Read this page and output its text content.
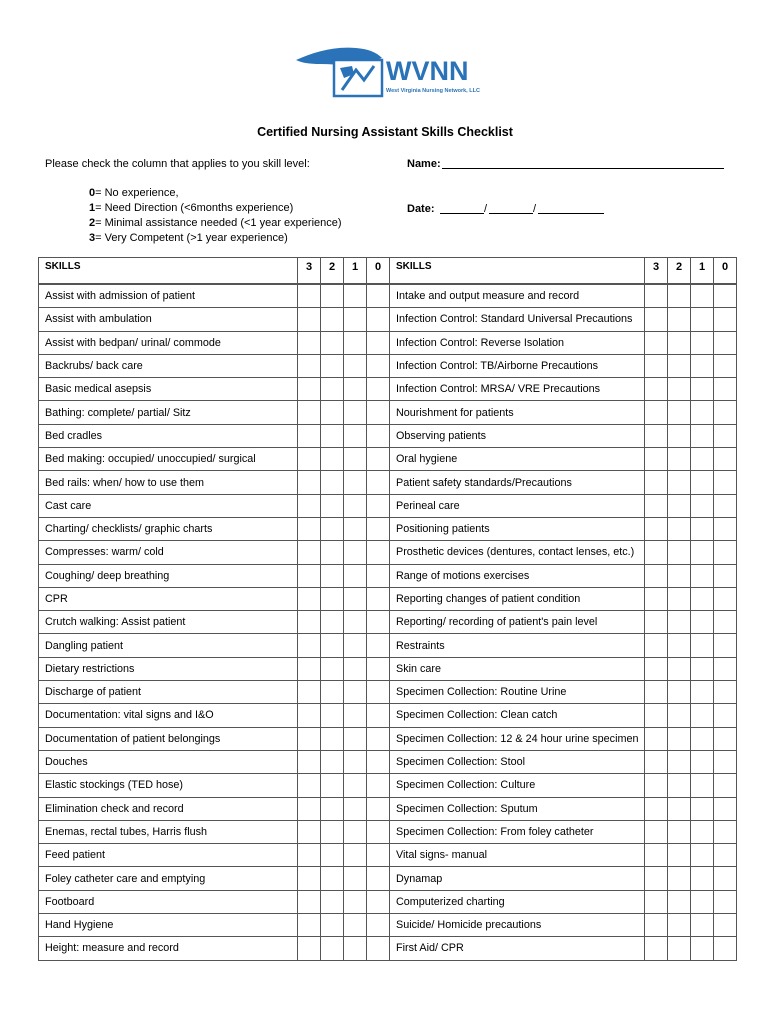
WVNN
West Virginia Nursing Network, LLC
Certified Nursing Assistant Skills Checklist
Please check the column that applies to you skill level:	Name:
Date:	/	/
0= No experience,
1= Need Direction (<6months experience)
2= Minimal assistance needed (<1 year experience)
3= Very Competent (>1 year experience)
SKILLS	3	2	1	0	SKILLS	3	2	1	0
Assist with admission of patient					Intake and output measure and record				
Assist with ambulation					Infection Control: Standard Universal Precautions				
Assist with bedpan/ urinal/ commode					Infection Control: Reverse Isolation				
Backrubs/ back care					Infection Control: TB/Airborne Precautions				
Basic medical asepsis					Infection Control: MRSA/ VRE Precautions				
Bathing: complete/ partial/ Sitz					Nourishment for patients				
Bed cradles					Observing patients				
Bed making: occupied/ unoccupied/ surgical					Oral hygiene				
Bed rails: when/ how to use them					Patient safety standards/Precautions				
Cast care					Perineal care				
Charting/ checklists/ graphic charts					Positioning patients				
Compresses: warm/ cold					Prosthetic devices (dentures, contact lenses, etc.)				
Coughing/ deep breathing					Range of motions exercises				
CPR					Reporting changes of patient condition				
Crutch walking: Assist patient					Reporting/ recording of patient's pain level				
Dangling patient					Restraints				
Dietary restrictions					Skin care				
Discharge of patient					Specimen Collection: Routine Urine				
Documentation: vital signs and I&O					Specimen Collection: Clean catch				
Documentation of patient belongings					Specimen Collection: 12 & 24 hour urine specimen				
Douches					Specimen Collection: Stool				
Elastic stockings (TED hose)					Specimen Collection: Culture				
Elimination check and record					Specimen Collection: Sputum				
Enemas, rectal tubes, Harris flush					Specimen Collection: From foley catheter				
Feed patient					Vital signs- manual				
Foley catheter care and emptying					Dynamap				
Footboard					Computerized charting				
Hand Hygiene					Suicide/ Homicide precautions				
Height: measure and record					First Aid/ CPR				
